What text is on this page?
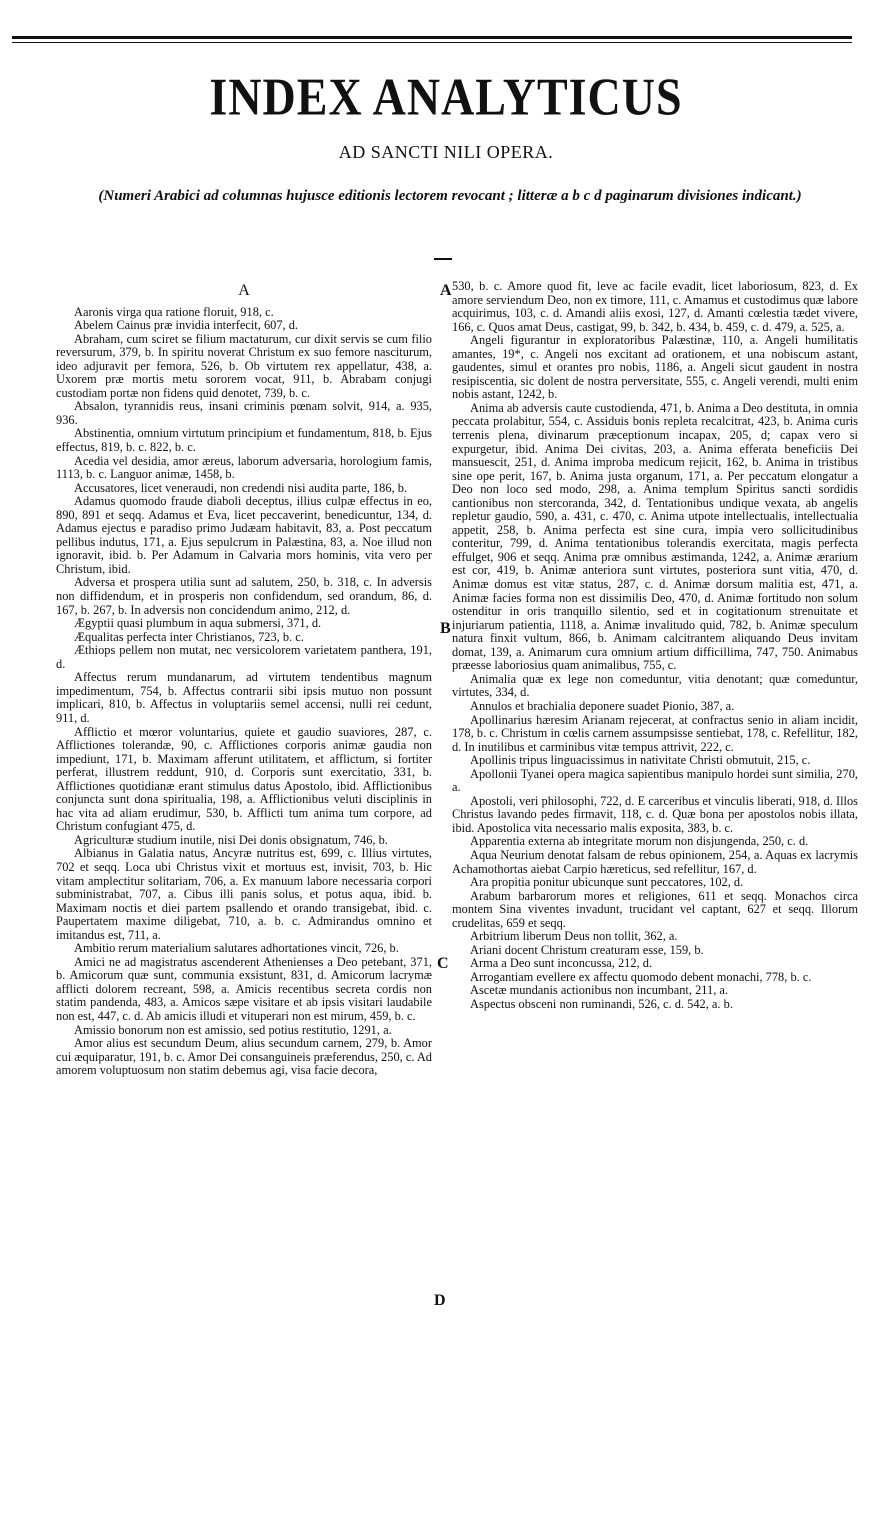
INDEX ANALYTICUS
AD SANCTI NILI OPERA.
(Numeri Arabici ad columnas hujusce editionis lectorem revocant ; litteræ a b c d paginarum divisiones indicant.)

A

Aaronis virga qua ratione floruit, 918, c.

Abelem Cainus præ invidia interfecit, 607, d.

Abraham, cum sciret se filium mactaturum, cur dixit servis se cum filio reversurum, 379, b. In spiritu noverat Christum ex suo femore nasciturum, ideo adjuravit per femora, 526, b. Ob virtutem rex appellatur, 438, a. Uxorem præ mortis metu sororem vocat, 911, b. Abrabam conjugi custodiam portæ non fidens quid denotet, 739, b. c.

Absalon, tyrannidis reus, insani criminis pœnam solvit, 914, a. 935, 936.

Abstinentia, omnium virtutum principium et fundamentum, 818, b. Ejus effectus, 819, b. c. 822, b. c.

Acedia vel desidia, amor æreus, laborum adversaria, horologium famis, 1113, b. c. Languor animæ, 1458, b.

Accusatores, licet veneraudi, non credendi nisi audita parte, 186, b.

Adamus quomodo fraude diaboli deceptus, illius culpæ effectus in eo, 890, 891 et seqq. Adamus et Eva, licet peccaverint, benedicuntur, 134, d. Adamus ejectus e paradiso primo Judæam habitavit, 83, a. Post peccatum pellibus indutus, 171, a. Ejus sepulcrum in Palæstina, 83, a. Noe illud non ignoravit, ibid. b. Per Adamum in Calvaria mors hominis, vita vero per Christum, ibid.

Adversa et prospera utilia sunt ad salutem, 250, b. 318, c. In adversis non diffidendum, et in prosperis non confidendum, sed orandum, 86, d. 167, b. 267, b. In adversis non concidendum animo, 212, d.

Ægyptii quasi plumbum in aqua submersi, 371, d.

Æqualitas perfecta inter Christianos, 723, b. c.

Æthiops pellem non mutat, nec versicolorem varietatem panthera, 191, d.

Affectus rerum mundanarum, ad virtutem tendentibus magnum impedimentum, 754, b. Affectus contrarii sibi ipsis mutuo non possunt implicari, 810, b. Affectus in voluptariis semel accensi, nulli rei cedunt, 911, d.

Afflictio et mœror voluntarius, quiete et gaudio suaviores, 287, c. Afflictiones tolerandæ, 90, c. Afflictiones corporis animæ gaudia non impediunt, 171, b. Maximam afferunt utilitatem, et afflictum, si fortiter perferat, illustrem reddunt, 910, d. Corporis sunt exercitatio, 331, b. Afflictiones quotidianæ erant stimulus datus Apostolo, ibid. Afflictionibus conjuncta sunt dona spiritualia, 198, a. Afflictionibus veluti disciplinis in hac vita ad aliam erudimur, 530, b. Afflicti tum anima tum corpore, ad Christum confugiant 475, d.

Agriculturæ studium inutile, nisi Dei donis obsignatum, 746, b.

Albianus in Galatia natus, Ancyræ nutritus est, 699, c. Illius virtutes, 702 et seqq. Loca ubi Christus vixit et mortuus est, invisit, 703, b. Hic vitam amplectitur solitariam, 706, a. Ex manuum labore necessaria corpori subministrabat, 707, a. Cibus illi panis solus, et potus aqua, ibid. b. Maximam noctis et diei partem psallendo et orando transigebat, ibid. c. Paupertatem maxime diligebat, 710, a. b. c. Admirandus omnino et imitandus est, 711, a.

Ambitio rerum materialium salutares adhortationes vincit, 726, b.

Amici ne ad magistratus ascenderent Athenienses a Deo petebant, 371, b. Amicorum quæ sunt, communia exsistunt, 831, d. Amicorum lacrymæ afflicti dolorem recreant, 598, a. Amicis recentibus secreta cordis non statim pandenda, 483, a. Amicos sæpe visitare et ab ipsis visitari laudabile non est, 447, c. d. Ab amicis illudi et vituperari non est mirum, 459, b. c.

Amissio bonorum non est amissio, sed potius restitutio, 1291, a.

Amor alius est secundum Deum, alius secundum carnem, 279, b. Amor cui æquiparatur, 191, b. c. Amor Dei consanguineis præferendus, 250, c. Ad amorem voluptuosum non statim debemus agi, visa facie decora,

A
B
C
D

530, b. c. Amore quod fit, leve ac facile evadit, licet laboriosum, 823, d. Ex amore serviendum Deo, non ex timore, 111, c. Amamus et custodimus quæ labore acquirimus, 103, c. d. Amandi aliis exosi, 127, d. Amanti cœlestia tædet vivere, 166, c. Quos amat Deus, castigat, 99, b. 342, b. 434, b. 459, c. d. 479, a. 525, a.

Angeli figurantur in exploratoribus Palæstinæ, 110, a. Angeli humilitatis amantes, 19*, c. Angeli nos excitant ad orationem, et una nobiscum astant, gaudentes, simul et orantes pro nobis, 1186, a. Angeli sicut gaudent in nostra resipiscentia, sic dolent de nostra perversitate, 555, c. Angeli verendi, multi enim nobis astant, 1242, b.

Anima ab adversis caute custodienda, 471, b. Anima a Deo destituta, in omnia peccata prolabitur, 554, c. Assiduis bonis repleta recalcitrat, 423, b. Anima curis terrenis plena, divinarum præceptionum incapax, 205, d; capax vero si expurgetur, ibid. Anima Dei civitas, 203, a. Anima efferata beneficiis Dei mansuescit, 251, d. Anima improba medicum rejicit, 162, b. Anima in tristibus sine ope perit, 167, b. Anima justa organum, 171, a. Per peccatum elongatur a Deo non loco sed modo, 298, a. Anima templum Spiritus sancti sordidis cantionibus non stercoranda, 342, d. Tentationibus undique vexata, ab angelis repletur gaudio, 590, a. 431, c. 470, c. Anima utpote intellectualis, intellectualia appetit, 258, b. Anima perfecta est sine cura, impia vero sollicitudinibus conteritur, 799, d. Anima tentationibus tolerandis exercitata, magis perfecta effulget, 906 et seqq. Anima præ omnibus æstimanda, 1242, a. Animæ ærarium est cor, 419, b. Animæ anteriora sunt virtutes, posteriora sunt vitia, 470, d. Animæ domus est vitæ status, 287, c. d. Animæ dorsum malitia est, 471, a. Animæ facies forma non est dissimilis Deo, 470, d. Animæ fortitudo non solum ostenditur in oris tranquillo silentio, sed et in cogitationum strenuitate et injuriarum patientia, 1118, a. Animæ invalitudo quid, 782, b. Animæ speculum natura finxit vultum, 866, b. Animam calcitrantem aliquando Deus invitam domat, 139, a. Animarum cura omnium artium difficillima, 747, 750. Animabus præesse laboriosius quam animalibus, 755, c.

Animalia quæ ex lege non comeduntur, vitia denotant; quæ comeduntur, virtutes, 334, d.

Annulos et brachialia deponere suadet Pionio, 387, a.

Apollinarius hæresim Arianam rejecerat, at confractus senio in aliam incidit, 178, b. c. Christum in cœlis carnem assumpsisse sentiebat, 178, c. Refellitur, 182, d. In inutilibus et carminibus vitæ tempus attrivit, 222, c.

Apollinis tripus linguacissimus in nativitate Christi obmutuit, 215, c.

Apollonii Tyanei opera magica sapientibus manipulo hordei sunt similia, 270, a.

Apostoli, veri philosophi, 722, d. E carceribus et vinculis liberati, 918, d. Illos Christus lavando pedes firmavit, 118, c. d. Quæ bona per apostolos nobis illata, ibid. Apostolica vita necessario malis exposita, 383, b. c.

Apparentia externa ab integritate morum non disjungenda, 250, c. d.

Aqua Neurium denotat falsam de rebus opinionem, 254, a. Aquas ex lacrymis Achamothortas aiebat Carpio hæreticus, sed refellitur, 167, d.

Ara propitia ponitur ubicunque sunt peccatores, 102, d.

Arabum barbarorum mores et religiones, 611 et seqq. Monachos circa montem Sina viventes invadunt, trucidant vel captant, 627 et seqq. Illorum crudelitas, 659 et seqq.

Arbitrium liberum Deus non tollit, 362, a.

Ariani docent Christum creaturam esse, 159, b.

Arma a Deo sunt inconcussa, 212, d.

Arrogantiam evellere ex affectu quomodo debent monachi, 778, b. c.

Ascetæ mundanis actionibus non incumbant, 211, a.

Aspectus obsceni non ruminandi, 526, c. d. 542, a. b.
